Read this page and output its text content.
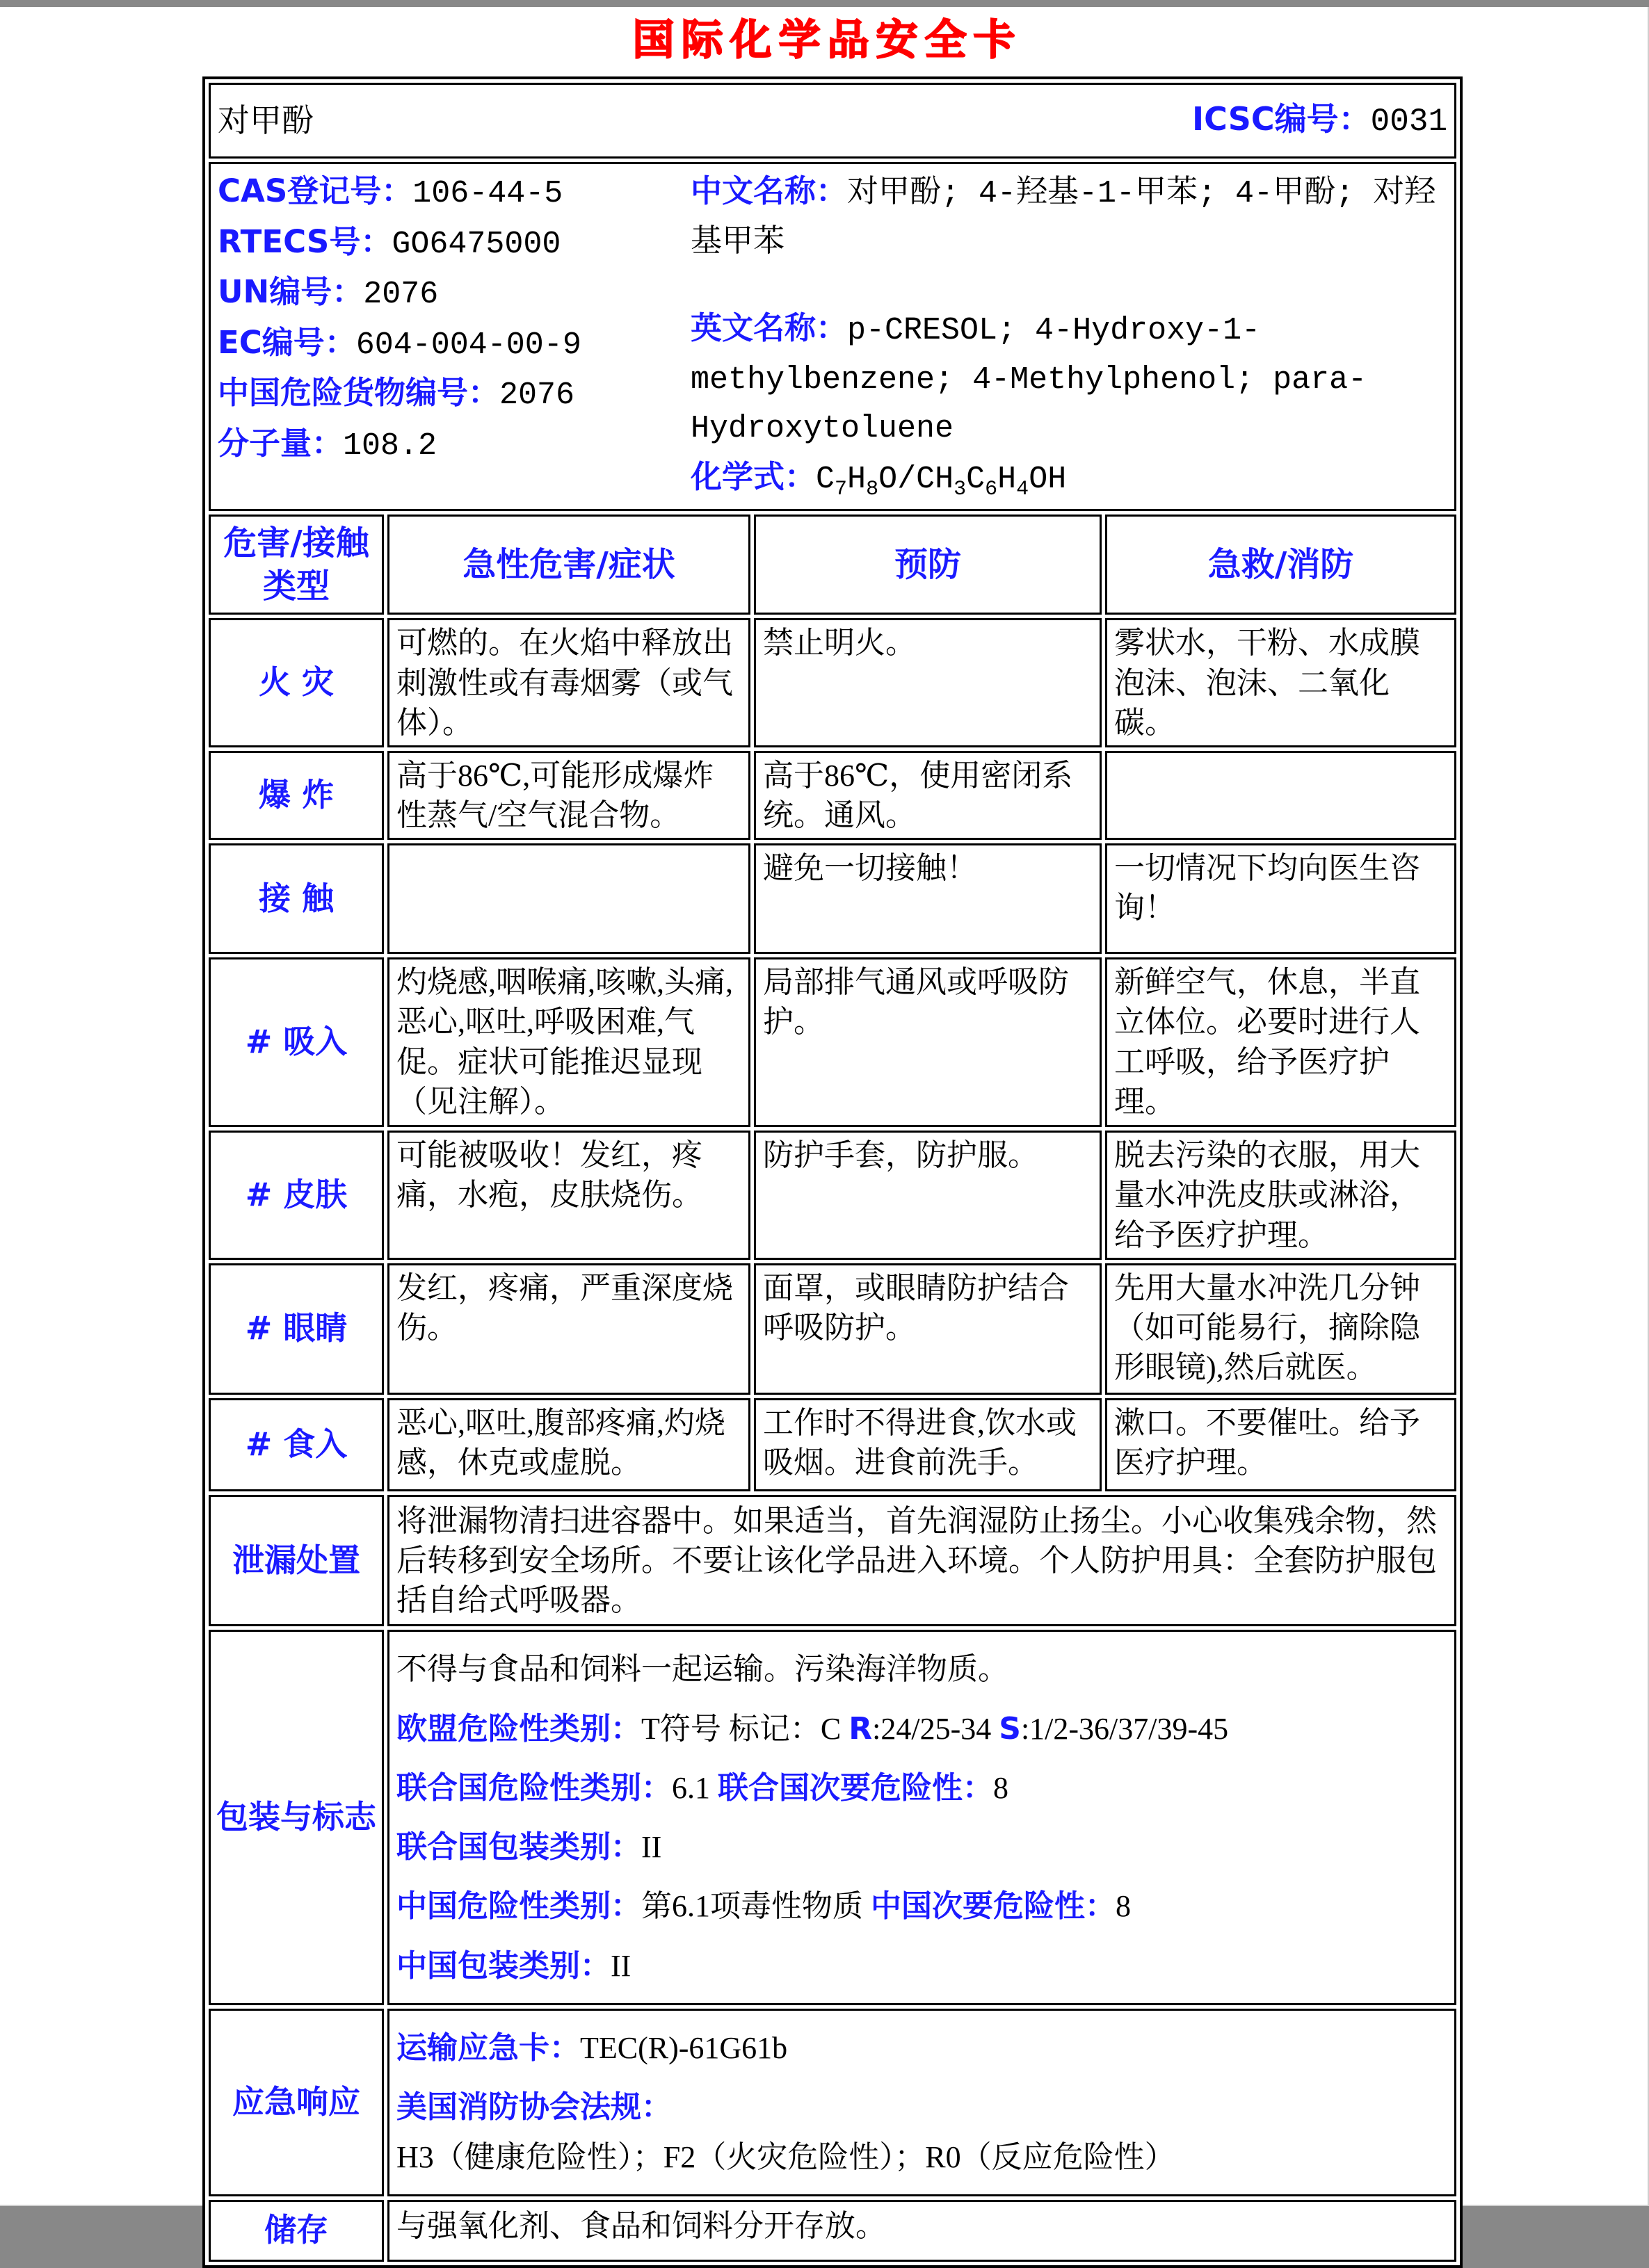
国际化学品安全卡
对甲酚 ICSC编号：0031			

CAS登记号：106-44-5
RTECS号：GO6475000
UN编号：2076
EC编号：604-004-00-9
中国危险货物编号：2076
分子量：108.2
中文名称：对甲酚; 4-羟基-1-甲苯; 4-甲酚; 对羟基甲苯
英文名称：p-CRESOL; 4-Hydroxy-1-methylbenzene; 4-Methylphenol; para-Hydroxytoluene
化学式：$C_7H_8O/CH_3C_6H_4OH$

危害/接触类型	急性危害/症状	预防	急救/消防
火 灾	可燃的。在火焰中释放出刺激性或有毒烟雾（或气体）。	禁止明火。	雾状水，干粉、水成膜泡沫、泡沫、二氧化碳。
爆 炸	高于86℃,可能形成爆炸性蒸气/空气混合物。	高于86℃，使用密闭系统。通风。	
接 触		避免一切接触！	一切情况下均向医生咨询！
# 吸入	灼烧感,咽喉痛,咳嗽,头痛,恶心,呕吐,呼吸困难,气促。症状可能推迟显现（见注解）。	局部排气通风或呼吸防护。	新鲜空气，休息，半直立体位。必要时进行人工呼吸，给予医疗护理。
# 皮肤	可能被吸收！发红，疼痛，水疱，皮肤烧伤。	防护手套，防护服。	脱去污染的衣服，用大量水冲洗皮肤或淋浴，给予医疗护理。
# 眼睛	发红，疼痛，严重深度烧伤。	面罩，或眼睛防护结合呼吸防护。	先用大量水冲洗几分钟（如可能易行，摘除隐形眼镜),然后就医。
# 食入	恶心,呕吐,腹部疼痛,灼烧感，休克或虚脱。	工作时不得进食,饮水或吸烟。进食前洗手。	漱口。不要催吐。给予医疗护理。
泄漏处置	将泄漏物清扫进容器中。如果适当，首先润湿防止扬尘。小心收集残余物，然后转移到安全场所。不要让该化学品进入环境。个人防护用具：全套防护服包括自给式呼吸器。		

包装与标志	
不得与食品和饲料一起运输。污染海洋物质。
欧盟危险性类别：T符号 标记：C R:24/25-34 S:1/2-36/37/39-45
联合国危险性类别：6.1 联合国次要危险性：8
联合国包装类别：II
中国危险性类别：第6.1项毒性物质 中国次要危险性：8
中国包装类别：II

应急响应	运输应急卡：TEC(R)-61G61b
美国消防协会法规：H3（健康危险性）；F2（火灾危险性）；R0（反应危险性）		

储存	与强氧化剂、食品和饲料分开存放。		
